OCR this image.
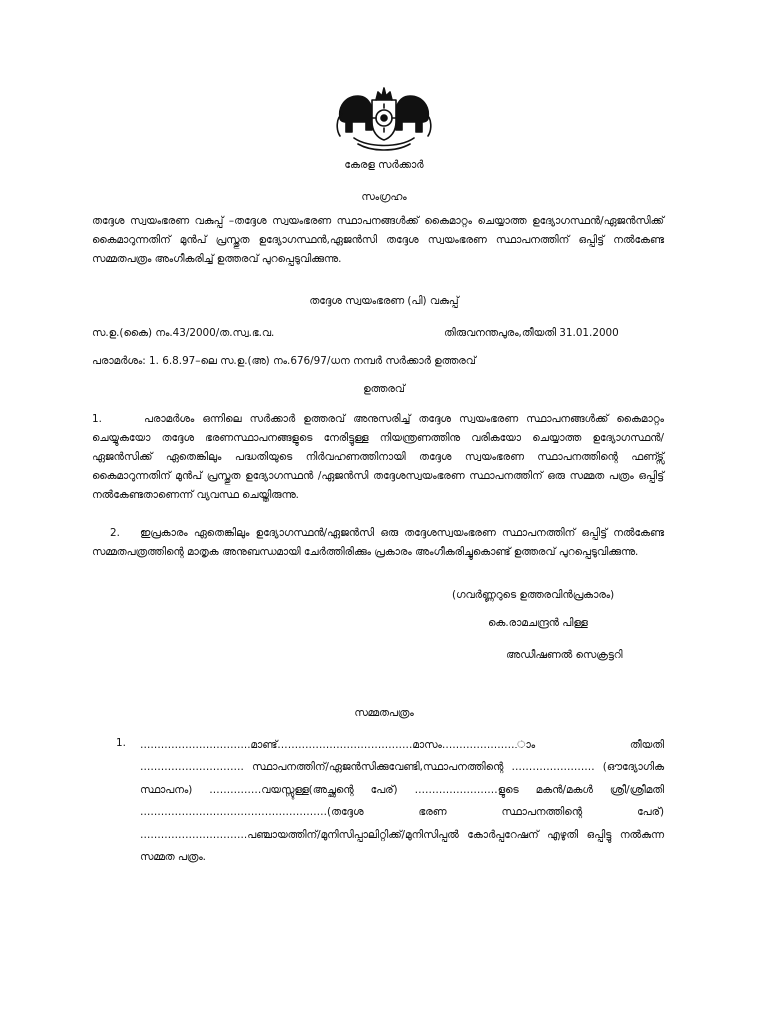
കേരള സർക്കാർ
സംഗ്രഹം
തദ്ദേശ സ്വയംഭരണ വകുപ്പ് –തദ്ദേശ സ്വയംഭരണ സ്ഥാപനങ്ങൾക്ക് കൈമാറ്റം ചെയ്യാത്ത ഉദ്യോഗസ്ഥൻ/ഏജൻസിക്ക് കൈമാറുന്നതിന് മുൻപ് പ്രസ്തുത ഉദ്യോഗസ്ഥൻ,ഏജൻസി തദ്ദേശ സ്വയംഭരണ സ്ഥാപനത്തിന് ഒപ്പിട്ട് നൽകേണ്ട സമ്മതപത്രം അംഗീകരിച്ച് ഉത്തരവ് പുറപ്പെടുവിക്കുന്നു.
തദ്ദേശ സ്വയംഭരണ (പി) വകുപ്പ്
സ.ഉ.(കൈ) നം.43/2000/ത.സ്വ.ഭ.വ.	തിരുവനന്തപുരം,തീയതി 31.01.2000
പരാമർശം: 1. 6.8.97–ലെ സ.ഉ.(അ) നം.676/97/ധന നമ്പർ സർക്കാർ ഉത്തരവ്
ഉത്തരവ്
1.	പരാമർശം ഒന്നിലെ സർക്കാർ ഉത്തരവ് അനുസരിച്ച് തദ്ദേശ സ്വയംഭരണ സ്ഥാപനങ്ങൾക്ക് കൈമാറ്റം ചെയ്യുകയോ തദ്ദേശ ഭരണസ്ഥാപനങ്ങളുടെ നേരിട്ടുള്ള നിയന്ത്രണത്തിനു വരികയോ ചെയ്യാത്ത ഉദ്യോഗസ്ഥൻ/ഏജൻസിക്ക് ഏതെങ്കിലും പദ്ധതിയുടെ നിർവഹണത്തിനായി തദ്ദേശ സ്വയംഭരണ സ്ഥാപനത്തിന്റെ ഫണ്ട്സ് കൈമാറുന്നതിന് മുൻപ് പ്രസ്തുത ഉദ്യോഗസ്ഥൻ /ഏജൻസി തദ്ദേശസ്വയംഭരണ സ്ഥാപനത്തിന് ഒരു സമ്മത പത്രം ഒപ്പിട്ട് നൽകേണ്ടതാണെന്ന് വ്യവസ്ഥ ചെയ്തിരുന്നു.
2. ഇപ്രകാരം ഏതെങ്കിലും ഉദ്യോഗസ്ഥൻ/ഏജൻസി ഒരു തദ്ദേശസ്വയംഭരണ സ്ഥാപനത്തിന് ഒപ്പിട്ട് നൽകേണ്ട സമ്മതപത്രത്തിന്റെ മാതൃക അനുബന്ധമായി ചേർത്തിരിക്കും പ്രകാരം അംഗീകരിച്ചുകൊണ്ട് ഉത്തരവ് പുറപ്പെടുവിക്കുന്നു.
(ഗവർണ്ണറുടെ ഉത്തരവിൻപ്രകാരം)
കെ.രാമചന്ദ്രൻ പിള്ള
അഡീഷണൽ സെക്രട്ടറി
സമ്മതപത്രം
1. …………………………..മാണ്ട്…………………………………മാസം………………….ാം തീയതി ………………………… സ്ഥാപനത്തിന്/ഏജൻസിക്കുവേണ്ടി,സ്ഥാപനത്തിന്റെ …………………… (ഔദ്യോഗിക സ്ഥാപനം) ……………വയസ്സുള്ള(അച്ഛന്റെ പേര്) ……………………ളുടെ മകൻ/മകൾ ശ്രീ/ശ്രീമതി ………………………………………………(തദ്ദേശ ഭരണ സ്ഥാപനത്തിന്റെ പേര്) ………………………….പഞ്ചായത്തിന്/മുനിസിപ്പാലിറ്റിക്ക്/മുനിസിപ്പൽ കോർപ്പറേഷന് എഴുതി ഒപ്പിട്ടു നൽകുന്ന സമ്മത പത്രം.
